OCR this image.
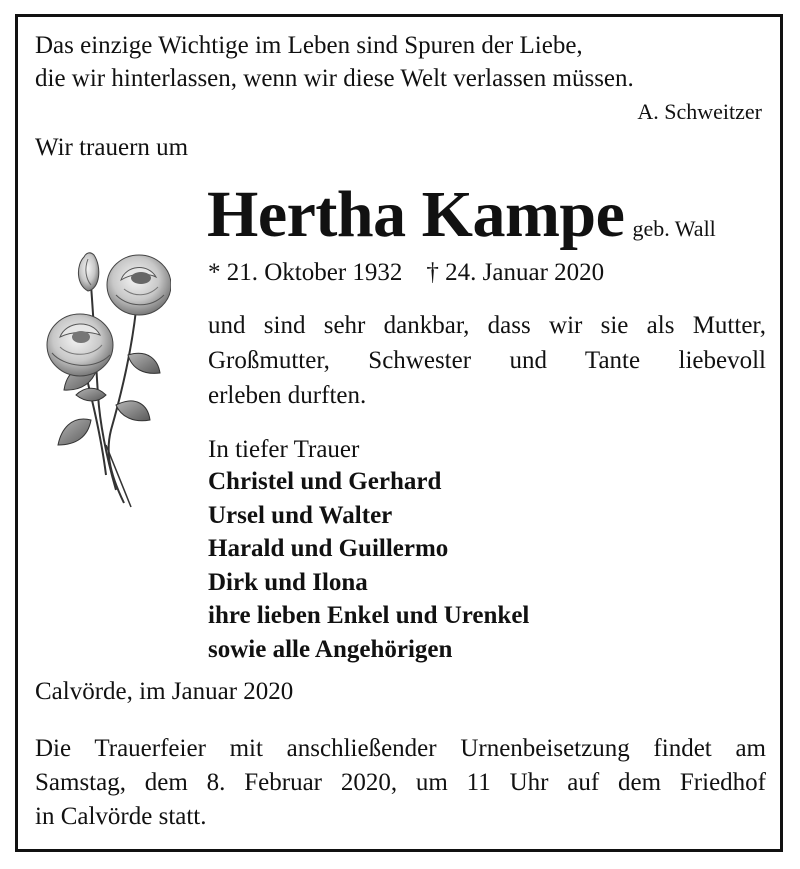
Das einzige Wichtige im Leben sind Spuren der Liebe,
die wir hinterlassen, wenn wir diese Welt verlassen müssen.
A. Schweitzer
Wir trauern um
Hertha Kampe geb. Wall
* 21. Oktober 1932 † 24. Januar 2020
und sind sehr dankbar, dass wir sie als Mutter,
Großmutter, Schwester und Tante liebevoll
erleben durften.
In tiefer Trauer
Christel und Gerhard
Ursel und Walter
Harald und Guillermo
Dirk und Ilona
ihre lieben Enkel und Urenkel
sowie alle Angehörigen
Calvörde, im Januar 2020
Die Trauerfeier mit anschließender Urnenbeisetzung findet am
Samstag, dem 8. Februar 2020, um 11 Uhr auf dem Friedhof
in Calvörde statt.
